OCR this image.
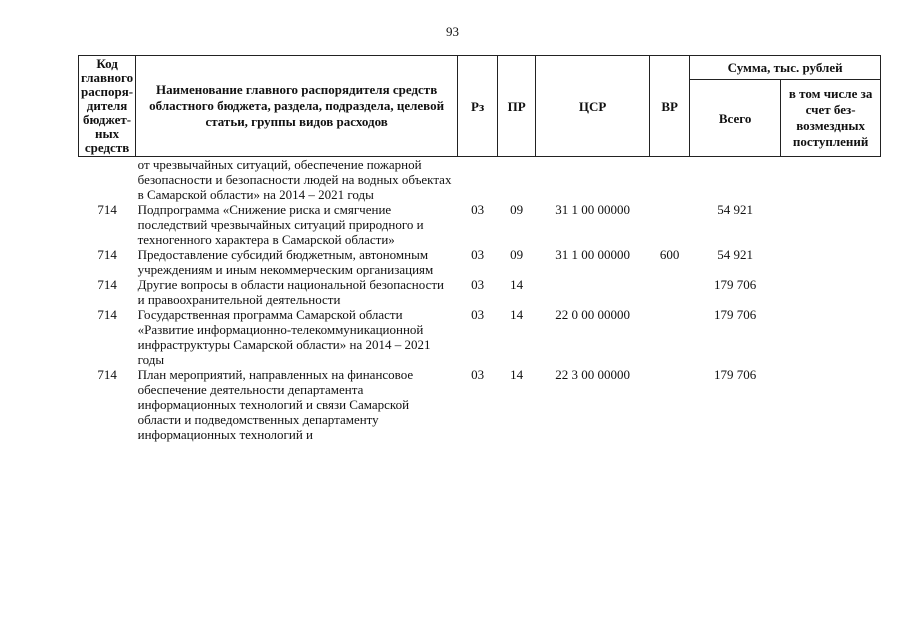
93
Код главного распоря-дителя бюджет-ных средств	Наименование главного распорядителя средств областного бюджета, раздела, подраздела, целевой статьи, группы видов расходов	Рз	ПР	ЦСР	ВР	Сумма, тыс. рублей	
						Всего	в том числе за счет без-возмездных поступлений
	от чрезвычайных ситуаций, обеспечение пожарной безопасности и безопасности людей на водных объектах в Самарской области» на 2014 – 2021 годы						
714	Подпрограмма «Снижение риска и смягчение последствий чрезвычайных ситуаций природного и техногенного характера в Самарской области»	03	09	31 1 00 00000		54 921	
714	Предоставление субсидий бюджетным, автономным учреждениям и иным некоммерческим организациям	03	09	31 1 00 00000	600	54 921	
714	Другие вопросы в области национальной безопасности и правоохранительной деятельности	03	14			179 706	
714	Государственная программа Самарской области «Развитие информационно-телекоммуникационной инфраструктуры Самарской области» на 2014 – 2021 годы	03	14	22 0 00 00000		179 706	
714	План мероприятий, направленных на финансовое обеспечение деятельности департамента информационных технологий и связи Самарской области и подведомственных департаменту информационных технологий и	03	14	22 3 00 00000		179 706	
